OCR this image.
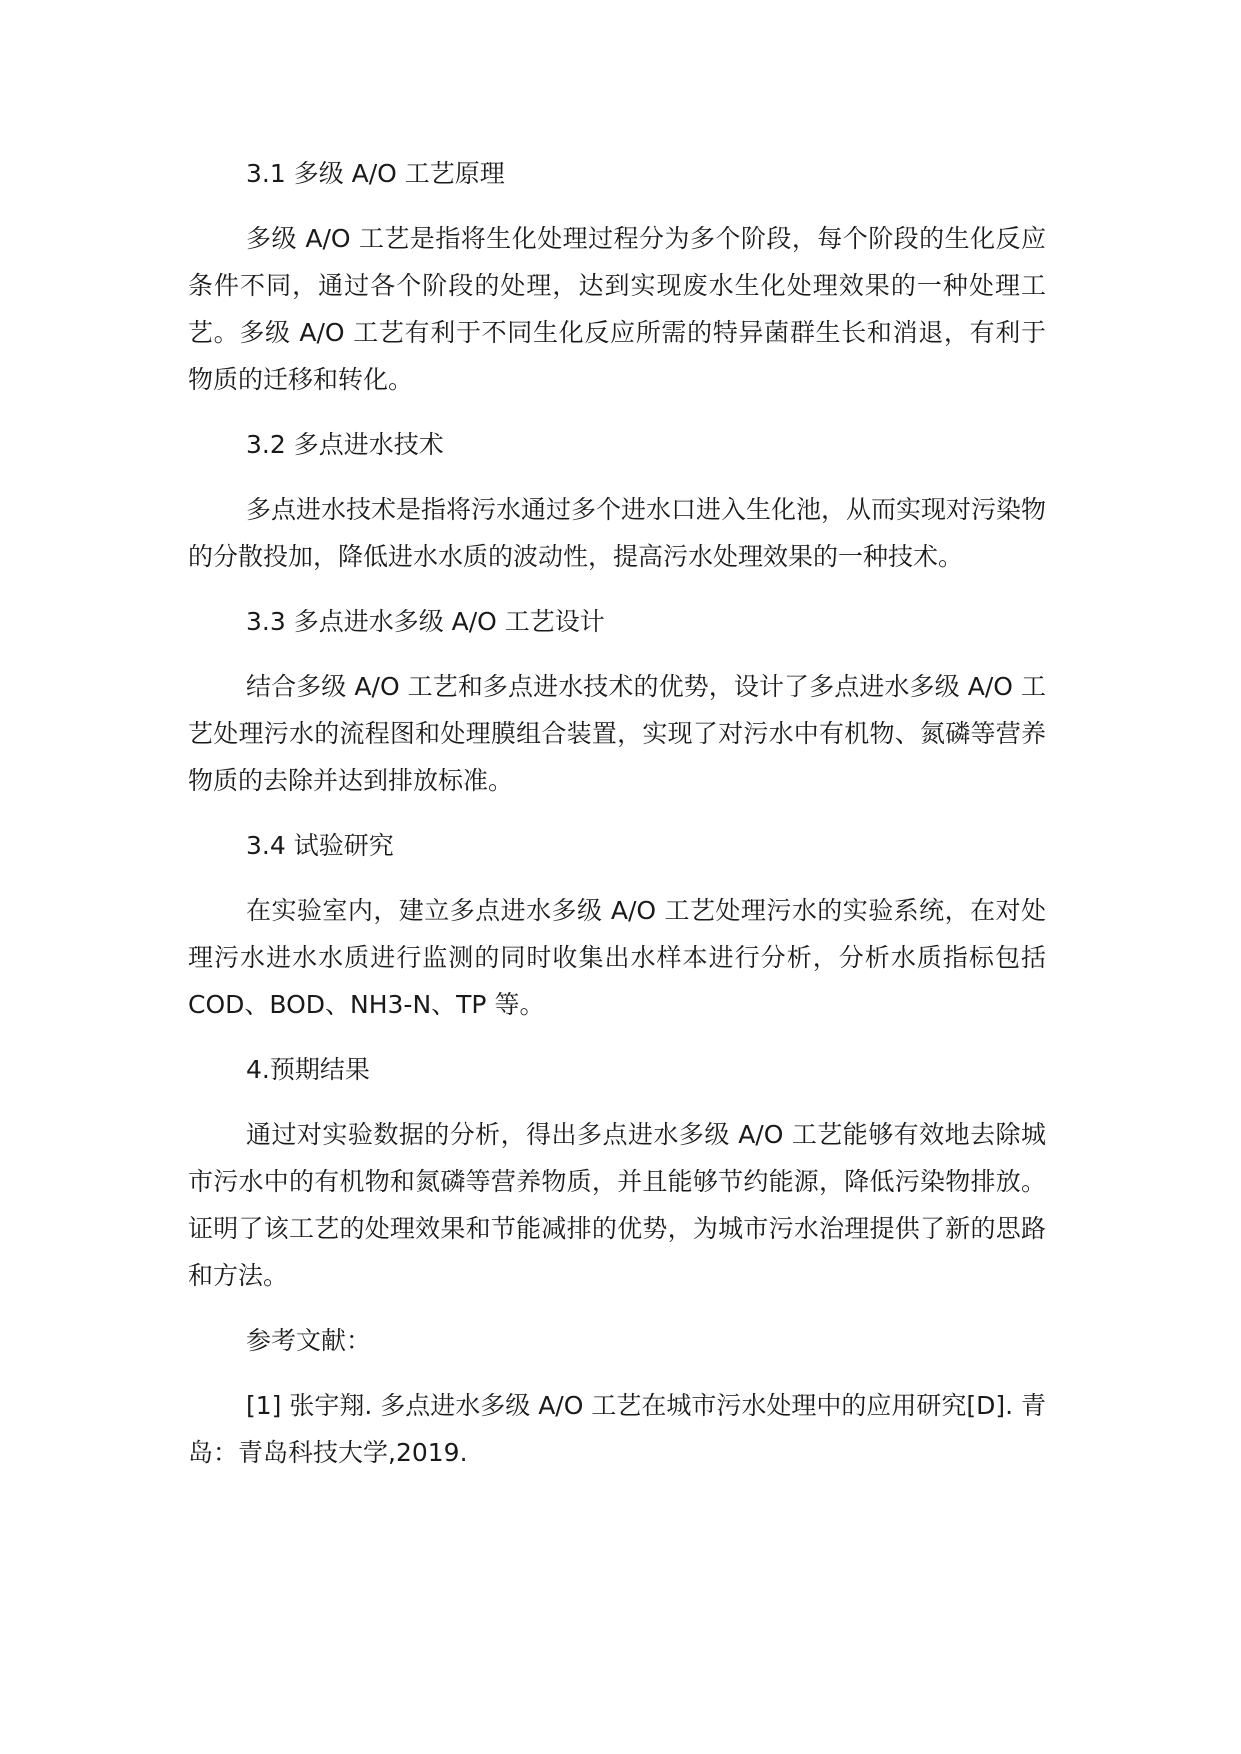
3.1 多级 A/O 工艺原理

多级 A/O 工艺是指将生化处理过程分为多个阶段，每个阶段的生化反应条件不同，通过各个阶段的处理，达到实现废水生化处理效果的一种处理工艺。多级 A/O 工艺有利于不同生化反应所需的特异菌群生长和消退，有利于物质的迁移和转化。

3.2 多点进水技术

多点进水技术是指将污水通过多个进水口进入生化池，从而实现对污染物的分散投加，降低进水水质的波动性，提高污水处理效果的一种技术。

3.3 多点进水多级 A/O 工艺设计

结合多级 A/O 工艺和多点进水技术的优势，设计了多点进水多级 A/O 工艺处理污水的流程图和处理膜组合装置，实现了对污水中有机物、氮磷等营养物质的去除并达到排放标准。

3.4 试验研究

在实验室内，建立多点进水多级 A/O 工艺处理污水的实验系统，在对处理污水进水水质进行监测的同时收集出水样本进行分析，分析水质指标包括 COD、BOD、NH3-N、TP 等。

4.预期结果

通过对实验数据的分析，得出多点进水多级 A/O 工艺能够有效地去除城市污水中的有机物和氮磷等营养物质，并且能够节约能源，降低污染物排放。证明了该工艺的处理效果和节能减排的优势，为城市污水治理提供了新的思路和方法。

参考文献：

[1] 张宇翔. 多点进水多级 A/O 工艺在城市污水处理中的应用研究[D]. 青岛：青岛科技大学,2019.
